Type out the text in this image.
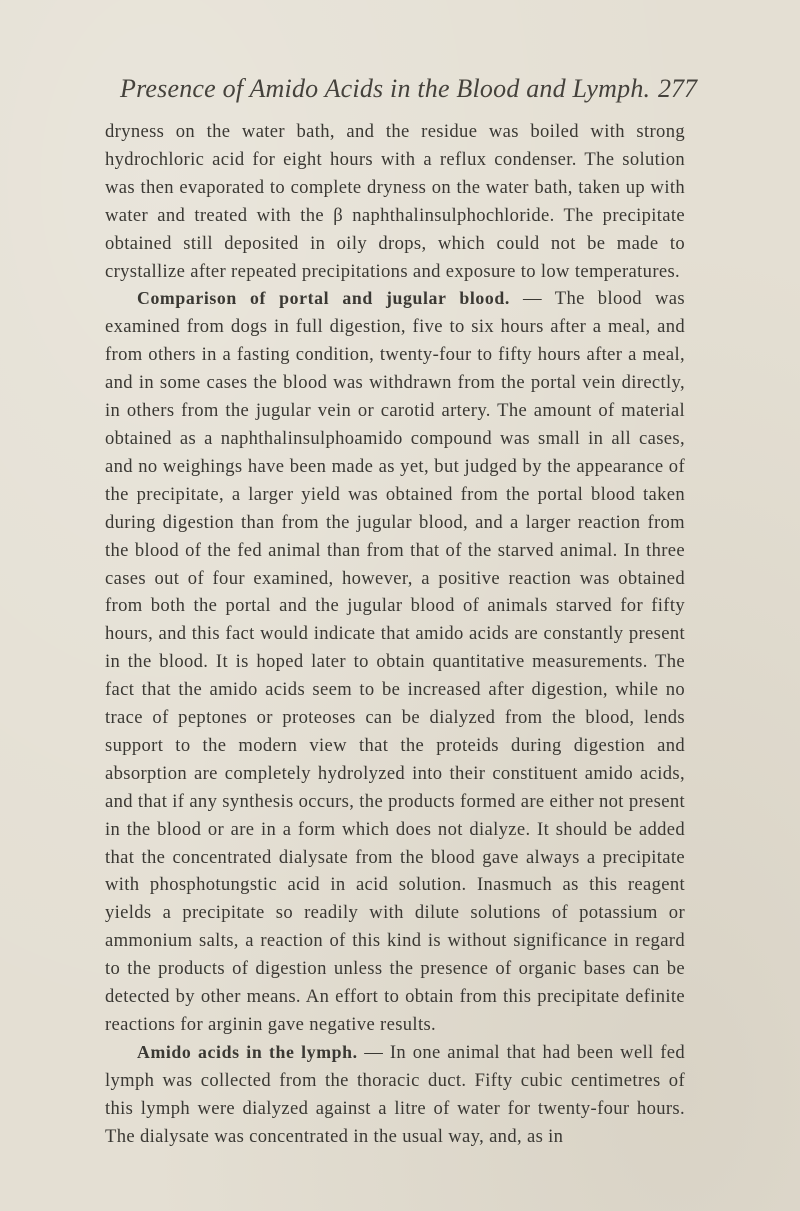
Presence of Amido Acids in the Blood and Lymph. 277

dryness on the water bath, and the residue was boiled with strong hydrochloric acid for eight hours with a reflux condenser. The solution was then evaporated to complete dryness on the water bath, taken up with water and treated with the β naphthalinsulphochloride. The precipitate obtained still deposited in oily drops, which could not be made to crystallize after repeated precipitations and exposure to low temperatures.

Comparison of portal and jugular blood. — The blood was examined from dogs in full digestion, five to six hours after a meal, and from others in a fasting condition, twenty-four to fifty hours after a meal, and in some cases the blood was withdrawn from the portal vein directly, in others from the jugular vein or carotid artery. The amount of material obtained as a naphthalinsulphoamido compound was small in all cases, and no weighings have been made as yet, but judged by the appearance of the precipitate, a larger yield was obtained from the portal blood taken during digestion than from the jugular blood, and a larger reaction from the blood of the fed animal than from that of the starved animal. In three cases out of four examined, however, a positive reaction was obtained from both the portal and the jugular blood of animals starved for fifty hours, and this fact would indicate that amido acids are constantly present in the blood. It is hoped later to obtain quantitative measurements. The fact that the amido acids seem to be increased after digestion, while no trace of peptones or proteoses can be dialyzed from the blood, lends support to the modern view that the proteids during digestion and absorption are completely hydrolyzed into their constituent amido acids, and that if any synthesis occurs, the products formed are either not present in the blood or are in a form which does not dialyze. It should be added that the concentrated dialysate from the blood gave always a precipitate with phosphotungstic acid in acid solution. Inasmuch as this reagent yields a precipitate so readily with dilute solutions of potassium or ammonium salts, a reaction of this kind is without significance in regard to the products of digestion unless the presence of organic bases can be detected by other means. An effort to obtain from this precipitate definite reactions for arginin gave negative results.

Amido acids in the lymph. — In one animal that had been well fed lymph was collected from the thoracic duct. Fifty cubic centimetres of this lymph were dialyzed against a litre of water for twenty-four hours. The dialysate was concentrated in the usual way, and, as in
